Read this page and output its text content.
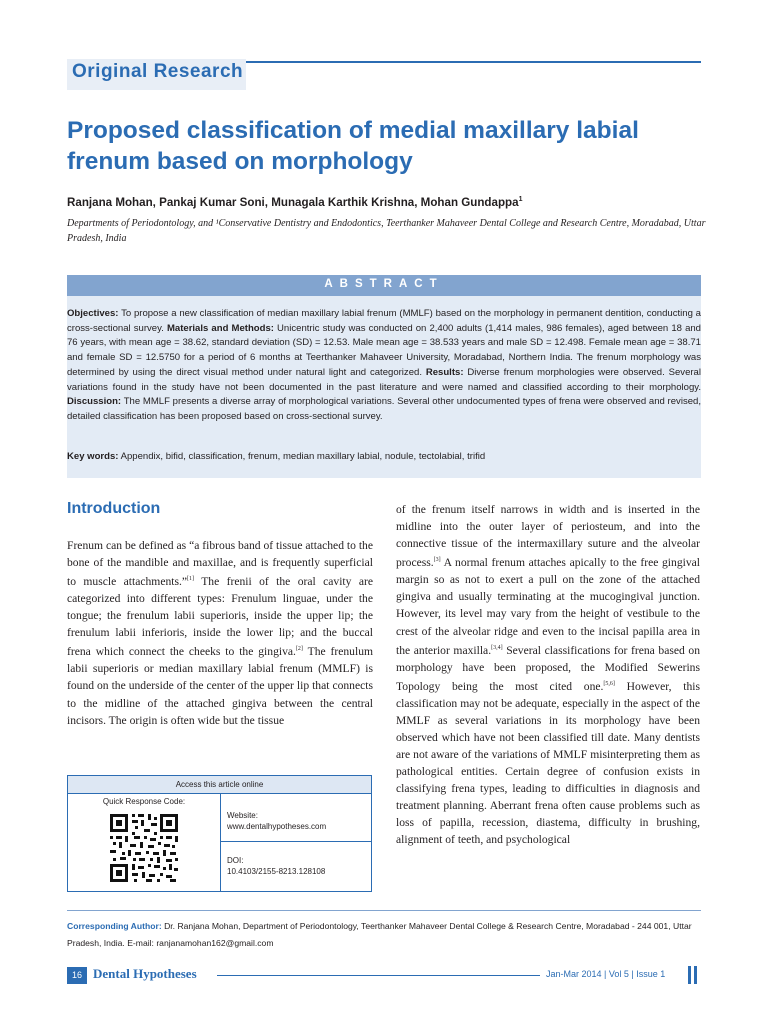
Original Research
Proposed classification of medial maxillary labial frenum based on morphology
Ranjana Mohan, Pankaj Kumar Soni, Munagala Karthik Krishna, Mohan Gundappa$^1$
Departments of Periodontology, and ¹Conservative Dentistry and Endodontics, Teerthanker Mahaveer Dental College and Research Centre, Moradabad, Uttar Pradesh, India
ABSTRACT
Objectives: To propose a new classification of median maxillary labial frenum (MMLF) based on the morphology in permanent dentition, conducting a cross-sectional survey. Materials and Methods: Unicentric study was conducted on 2,400 adults (1,414 males, 986 females), aged between 18 and 76 years, with mean age = 38.62, standard deviation (SD) = 12.53. Male mean age = 38.533 years and male SD = 12.498. Female mean age = 38.71 and female SD = 12.5750 for a period of 6 months at Teerthanker Mahaveer University, Moradabad, Northern India. The frenum morphology was determined by using the direct visual method under natural light and categorized. Results: Diverse frenum morphologies were observed. Several variations found in the study have not been documented in the past literature and were named and classified according to their morphology. Discussion: The MMLF presents a diverse array of morphological variations. Several other undocumented types of frena were observed and revised, detailed classification has been proposed based on cross-sectional survey.
Key words: Appendix, bifid, classification, frenum, median maxillary labial, nodule, tectolabial, trifid
Introduction
Frenum can be defined as “a fibrous band of tissue attached to the bone of the mandible and maxillae, and is frequently superficial to muscle attachments.”[1] The frenii of the oral cavity are categorized into different types: Frenulum linguae, under the tongue; the frenulum labii superioris, inside the upper lip; the frenulum labii inferioris, inside the lower lip; and the buccal frena which connect the cheeks to the gingiva.[2] The frenulum labii superioris or median maxillary labial frenum (MMLF) is found on the underside of the center of the upper lip that connects to the midline of the attached gingiva between the central incisors. The origin is often wide but the tissue
of the frenum itself narrows in width and is inserted in the midline into the outer layer of periosteum, and into the connective tissue of the intermaxillary suture and the alveolar process.[3] A normal frenum attaches apically to the free gingival margin so as not to exert a pull on the zone of the attached gingiva and usually terminating at the mucogingival junction. However, its level may vary from the height of vestibule to the crest of the alveolar ridge and even to the incisal papilla area in the anterior maxilla.[3,4] Several classifications for frena based on morphology have been proposed, the Modified Sewerins Topology being the most cited one.[5,6] However, this classification may not be adequate, especially in the aspect of the MMLF as several variations in its morphology have been observed which have not been classified till date. Many dentists are not aware of the variations of MMLF misinterpreting them as pathological entities. Certain degree of confusion exists in classifying frena types, leading to difficulties in diagnosis and treatment planning. Aberrant frena often cause problems such as loss of papilla, recession, diastema, difficulty in brushing, alignment of teeth, and psychological
Access this article online
Quick Response Code:
Website:
www.dentalhypotheses.com
DOI:
10.4103/2155-8213.128108
Corresponding Author: Dr. Ranjana Mohan, Department of Periodontology, Teerthanker Mahaveer Dental College & Research Centre, Moradabad - 244 001, Uttar Pradesh, India. E-mail: ranjanamohan162@gmail.com
16 Dental Hypotheses	Jan-Mar 2014 | Vol 5 | Issue 1
